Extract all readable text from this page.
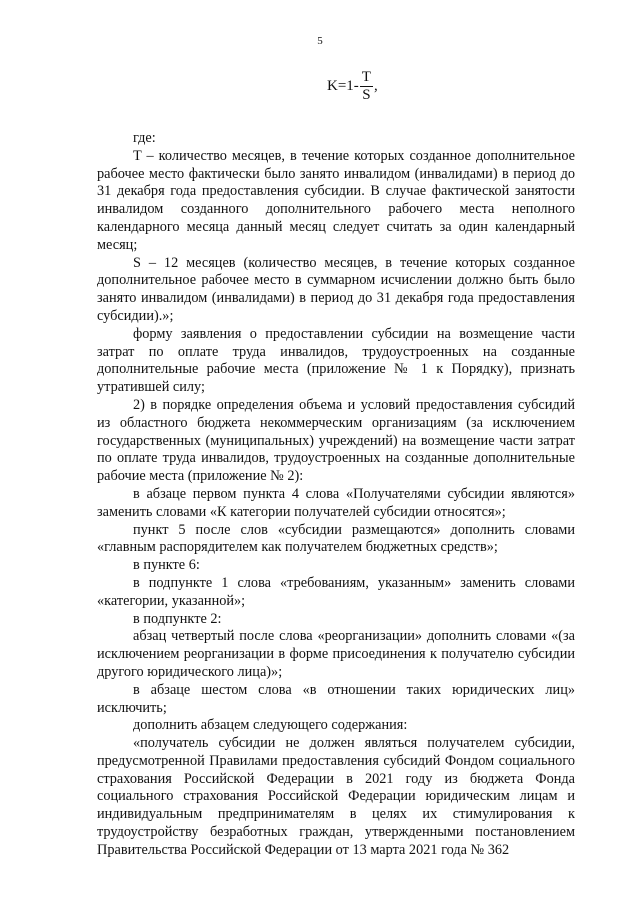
5
$K=1- \frac{T}{S}$ ,

где:

T – количество месяцев, в течение которых созданное дополнительное рабочее место фактически было занято инвалидом (инвалидами) в период до 31 декабря года предоставления субсидии. В случае фактической занятости инвалидом созданного дополнительного рабочего места неполного календарного месяца данный месяц следует считать за один календарный месяц;

S – 12 месяцев (количество месяцев, в течение которых созданное дополнительное рабочее место в суммарном исчислении должно быть было занято инвалидом (инвалидами) в период до 31 декабря года предоставления субсидии).»;

форму заявления о предоставлении субсидии на возмещение части затрат по оплате труда инвалидов, трудоустроенных на созданные дополнительные рабочие места (приложение № 1 к Порядку), признать утратившей силу;

2) в порядке определения объема и условий предоставления субсидий из областного бюджета некоммерческим организациям (за исключением государственных (муниципальных) учреждений) на возмещение части затрат по оплате труда инвалидов, трудоустроенных на созданные дополнительные рабочие места (приложение № 2):

в абзаце первом пункта 4 слова «Получателями субсидии являются» заменить словами «К категории получателей субсидии относятся»;

пункт 5 после слов «субсидии размещаются» дополнить словами «главным распорядителем как получателем бюджетных средств»;

в пункте 6:

в подпункте 1 слова «требованиям, указанным» заменить словами «категории, указанной»;

в подпункте 2:

абзац четвертый после слова «реорганизации» дополнить словами «(за исключением реорганизации в форме присоединения к получателю субсидии другого юридического лица)»;

в абзаце шестом слова «в отношении таких юридических лиц» исключить;

дополнить абзацем следующего содержания:

«получатель субсидии не должен являться получателем субсидии, предусмотренной Правилами предоставления субсидий Фондом социального страхования Российской Федерации в 2021 году из бюджета Фонда социального страхования Российской Федерации юридическим лицам и индивидуальным предпринимателям в целях их стимулирования к трудоустройству безработных граждан, утвержденными постановлением Правительства Российской Федерации от 13 марта 2021 года № 362
